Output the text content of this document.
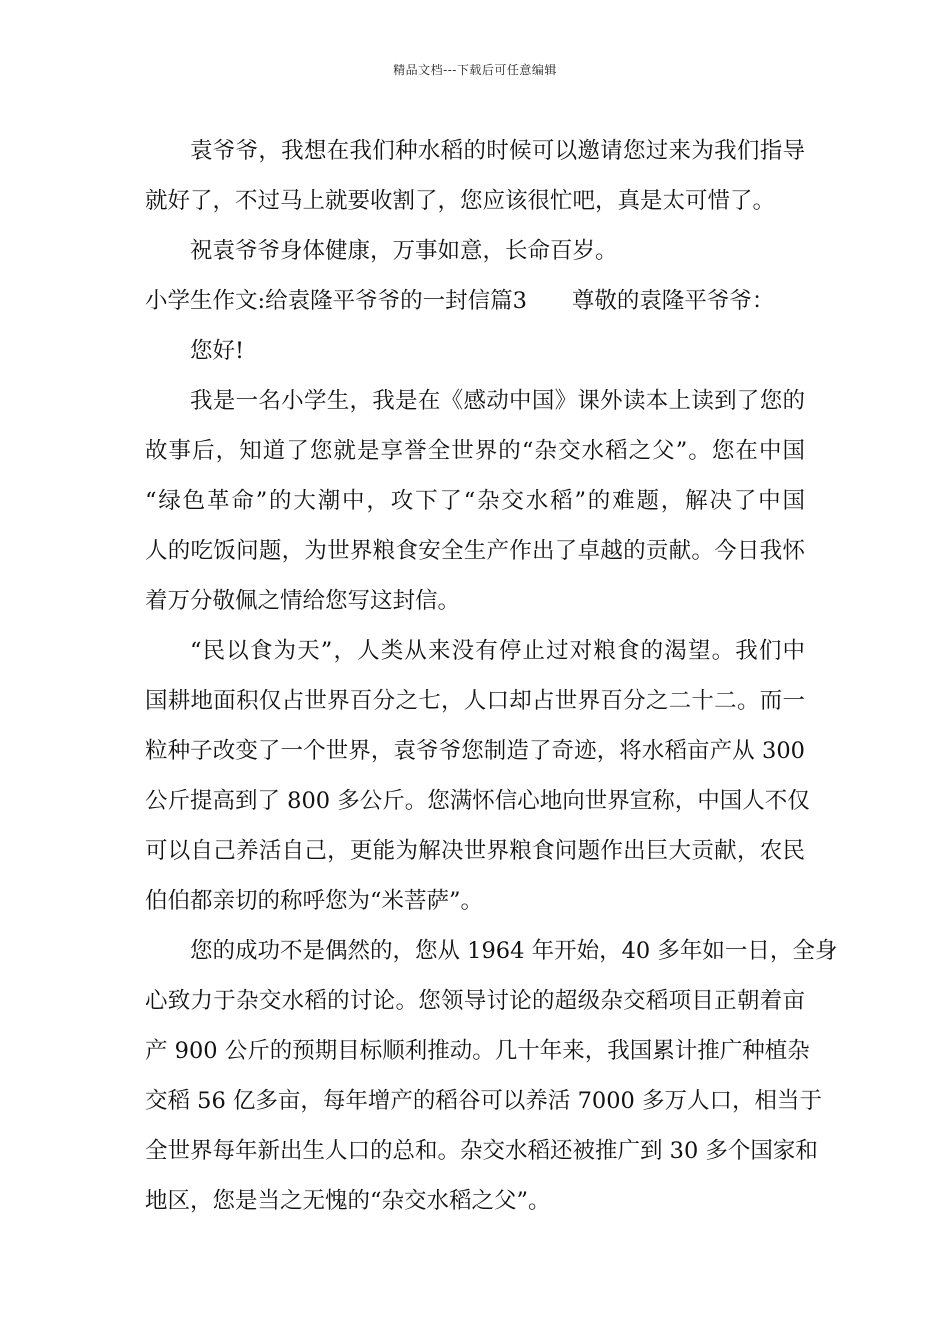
精品文档---下载后可任意编辑
袁爷爷，我想在我们种水稻的时候可以邀请您过来为我们指导
就好了，不过马上就要收割了，您应该很忙吧，真是太可惜了。
祝袁爷爷身体健康，万事如意，长命百岁。
小学生作文:给袁隆平爷爷的一封信篇3　　尊敬的袁隆平爷爷：
您好!
我是一名小学生，我是在《感动中国》课外读本上读到了您的
故事后，知道了您就是享誉全世界的“杂交水稻之父”。您在中国
“绿色革命”的大潮中，攻下了“杂交水稻”的难题，解决了中国
人的吃饭问题，为世界粮食安全生产作出了卓越的贡献。今日我怀
着万分敬佩之情给您写这封信。
“民以食为天”，人类从来没有停止过对粮食的渴望。我们中
国耕地面积仅占世界百分之七，人口却占世界百分之二十二。而一
粒种子改变了一个世界，袁爷爷您制造了奇迹，将水稻亩产从 300
公斤提高到了 800 多公斤。您满怀信心地向世界宣称，中国人不仅
可以自己养活自己，更能为解决世界粮食问题作出巨大贡献，农民
伯伯都亲切的称呼您为“米菩萨”。
您的成功不是偶然的，您从 1964 年开始，40 多年如一日，全身
心致力于杂交水稻的讨论。您领导讨论的超级杂交稻项目正朝着亩
产 900 公斤的预期目标顺利推动。几十年来，我国累计推广种植杂
交稻 56 亿多亩，每年增产的稻谷可以养活 7000 多万人口，相当于
全世界每年新出生人口的总和。杂交水稻还被推广到 30 多个国家和
地区，您是当之无愧的“杂交水稻之父”。
